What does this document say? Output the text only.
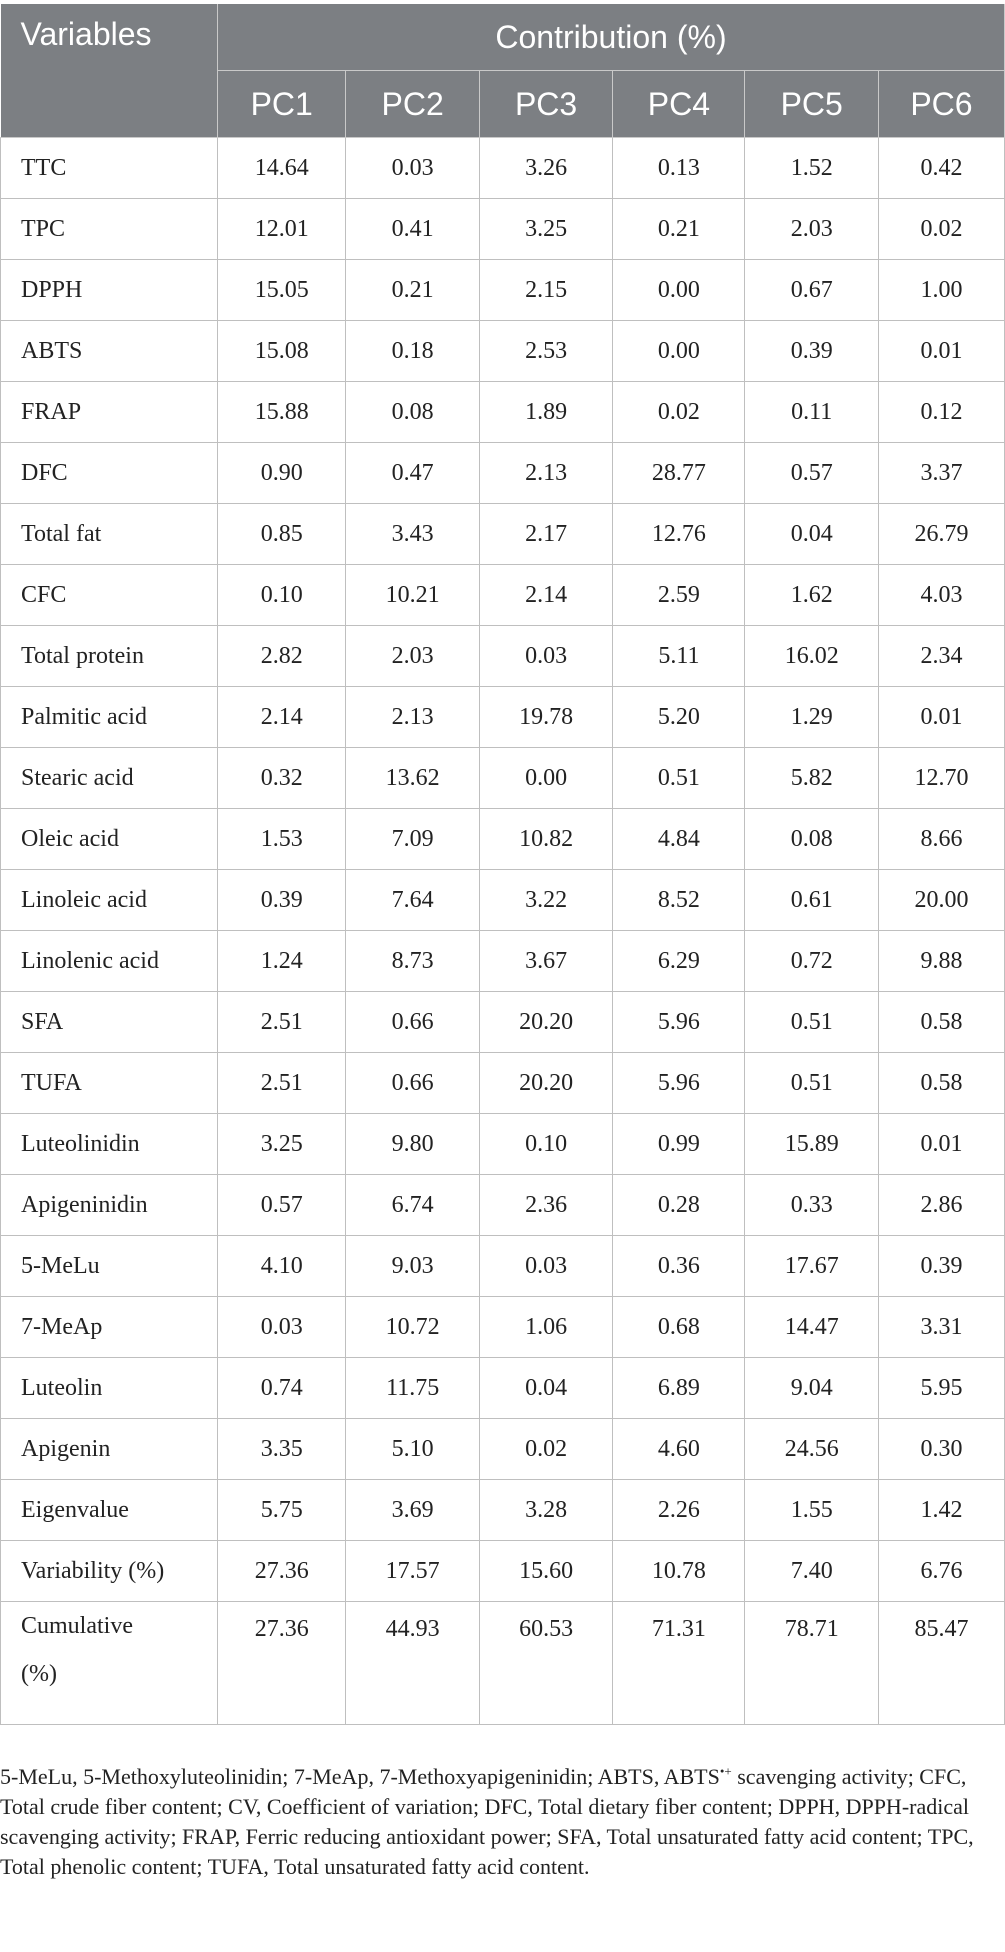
Variables	Contribution (%)					
	PC1	PC2	PC3	PC4	PC5	PC6
TTC	14.64	0.03	3.26	0.13	1.52	0.42
TPC	12.01	0.41	3.25	0.21	2.03	0.02
DPPH	15.05	0.21	2.15	0.00	0.67	1.00
ABTS	15.08	0.18	2.53	0.00	0.39	0.01
FRAP	15.88	0.08	1.89	0.02	0.11	0.12
DFC	0.90	0.47	2.13	28.77	0.57	3.37
Total fat	0.85	3.43	2.17	12.76	0.04	26.79
CFC	0.10	10.21	2.14	2.59	1.62	4.03
Total protein	2.82	2.03	0.03	5.11	16.02	2.34
Palmitic acid	2.14	2.13	19.78	5.20	1.29	0.01
Stearic acid	0.32	13.62	0.00	0.51	5.82	12.70
Oleic acid	1.53	7.09	10.82	4.84	0.08	8.66
Linoleic acid	0.39	7.64	3.22	8.52	0.61	20.00
Linolenic acid	1.24	8.73	3.67	6.29	0.72	9.88
SFA	2.51	0.66	20.20	5.96	0.51	0.58
TUFA	2.51	0.66	20.20	5.96	0.51	0.58
Luteolinidin	3.25	9.80	0.10	0.99	15.89	0.01
Apigeninidin	0.57	6.74	2.36	0.28	0.33	2.86
5-MeLu	4.10	9.03	0.03	0.36	17.67	0.39
7-MeAp	0.03	10.72	1.06	0.68	14.47	3.31
Luteolin	0.74	11.75	0.04	6.89	9.04	5.95
Apigenin	3.35	5.10	0.02	4.60	24.56	0.30
Eigenvalue	5.75	3.69	3.28	2.26	1.55	1.42
Variability (%)	27.36	17.57	15.60	10.78	7.40	6.76

Cumulative
(%)	27.36	44.93	60.53	71.31	78.71	85.47
5-MeLu, 5-Methoxyluteolinidin; 7-MeAp, 7-Methoxyapigeninidin; ABTS, ABTS•+ scavenging activity; CFC, Total crude fiber content; CV, Coefficient of variation; DFC, Total dietary fiber content; DPPH, DPPH-radical scavenging activity; FRAP, Ferric reducing antioxidant power; SFA, Total unsaturated fatty acid content; TPC, Total phenolic content; TUFA, Total unsaturated fatty acid content.
